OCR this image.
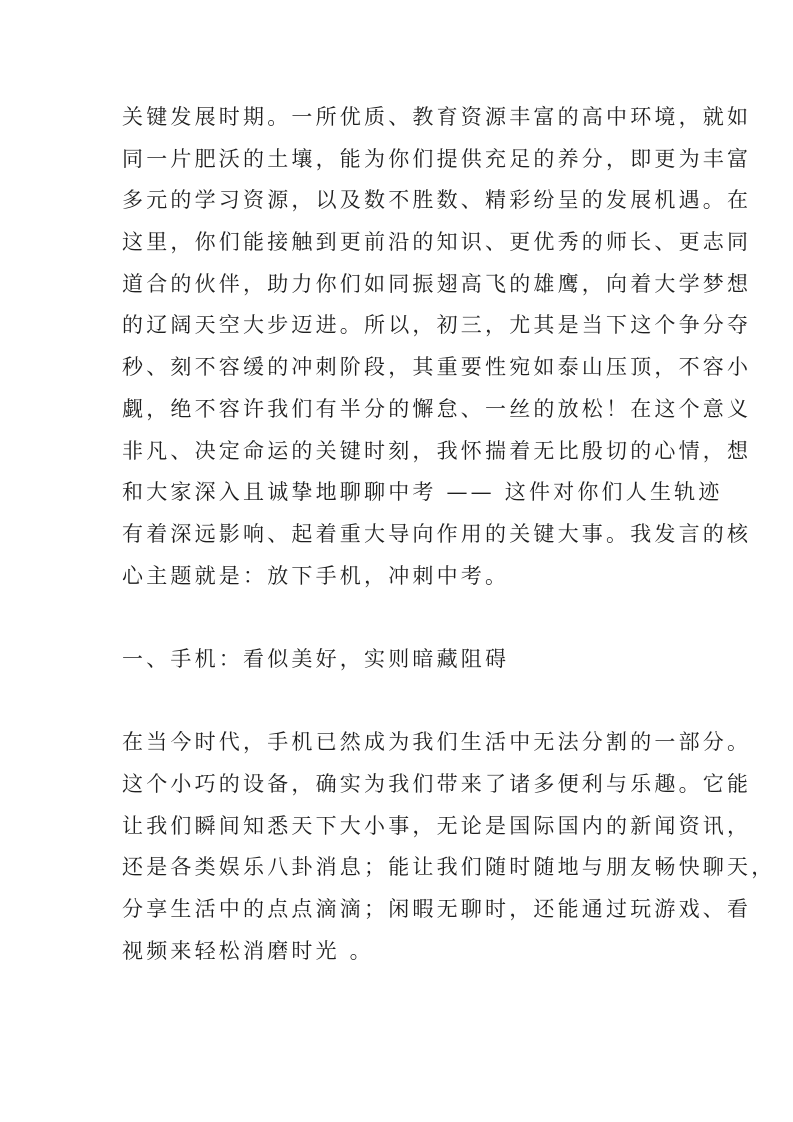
关键发展时期。一所优质、教育资源丰富的高中环境，就如
同一片肥沃的土壤，能为你们提供充足的养分，即更为丰富
多元的学习资源，以及数不胜数、精彩纷呈的发展机遇。在
这里，你们能接触到更前沿的知识、更优秀的师长、更志同
道合的伙伴，助力你们如同振翅高飞的雄鹰，向着大学梦想
的辽阔天空大步迈进。所以，初三，尤其是当下这个争分夺
秒、刻不容缓的冲刺阶段，其重要性宛如泰山压顶，不容小
觑，绝不容许我们有半分的懈怠、一丝的放松！在这个意义
非凡、决定命运的关键时刻，我怀揣着无比殷切的心情，想
和大家深入且诚挚地聊聊中考 —— 这件对你们人生轨迹
有着深远影响、起着重大导向作用的关键大事。我发言的核
心主题就是：放下手机，冲刺中考。
一、手机：看似美好，实则暗藏阻碍
在当今时代，手机已然成为我们生活中无法分割的一部分。
这个小巧的设备，确实为我们带来了诸多便利与乐趣。它能
让我们瞬间知悉天下大小事，无论是国际国内的新闻资讯，
还是各类娱乐八卦消息；能让我们随时随地与朋友畅快聊天，
分享生活中的点点滴滴；闲暇无聊时，还能通过玩游戏、看
视频来轻松消磨时光 。
